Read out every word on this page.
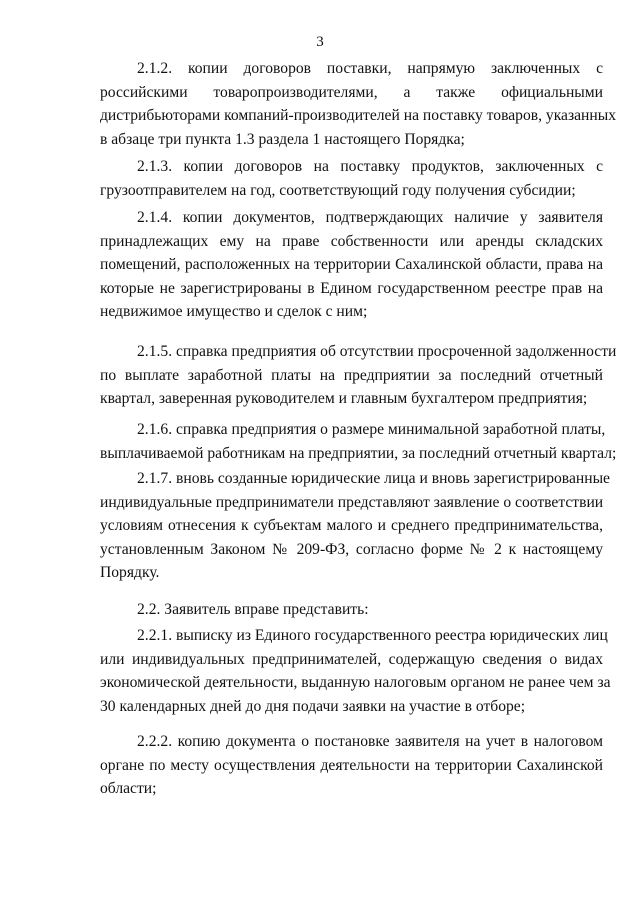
3
2.1.2. копии договоров поставки, напрямую заключенных с
российскими товаропроизводителями, а также официальными
дистрибьюторами компаний-производителей на поставку товаров, указанных
в абзаце три пункта 1.3 раздела 1 настоящего Порядка;
2.1.3. копии договоров на поставку продуктов, заключенных с
грузоотправителем на год, соответствующий году получения субсидии;
2.1.4. копии документов, подтверждающих наличие у заявителя
принадлежащих ему на праве собственности или аренды складских
помещений, расположенных на территории Сахалинской области, права на
которые не зарегистрированы в Едином государственном реестре прав на
недвижимое имущество и сделок с ним;
2.1.5. справка предприятия об отсутствии просроченной задолженности
по выплате заработной платы на предприятии за последний отчетный
квартал, заверенная руководителем и главным бухгалтером предприятия;
2.1.6. справка предприятия о размере минимальной заработной платы,
выплачиваемой работникам на предприятии, за последний отчетный квартал;
2.1.7. вновь созданные юридические лица и вновь зарегистрированные
индивидуальные предприниматели представляют заявление о соответствии
условиям отнесения к субъектам малого и среднего предпринимательства,
установленным Законом № 209-ФЗ, согласно форме № 2 к настоящему
Порядку.
2.2. Заявитель вправе представить:
2.2.1. выписку из Единого государственного реестра юридических лиц
или индивидуальных предпринимателей, содержащую сведения о видах
экономической деятельности, выданную налоговым органом не ранее чем за
30 календарных дней до дня подачи заявки на участие в отборе;
2.2.2. копию документа о постановке заявителя на учет в налоговом
органе по месту осуществления деятельности на территории Сахалинской
области;
